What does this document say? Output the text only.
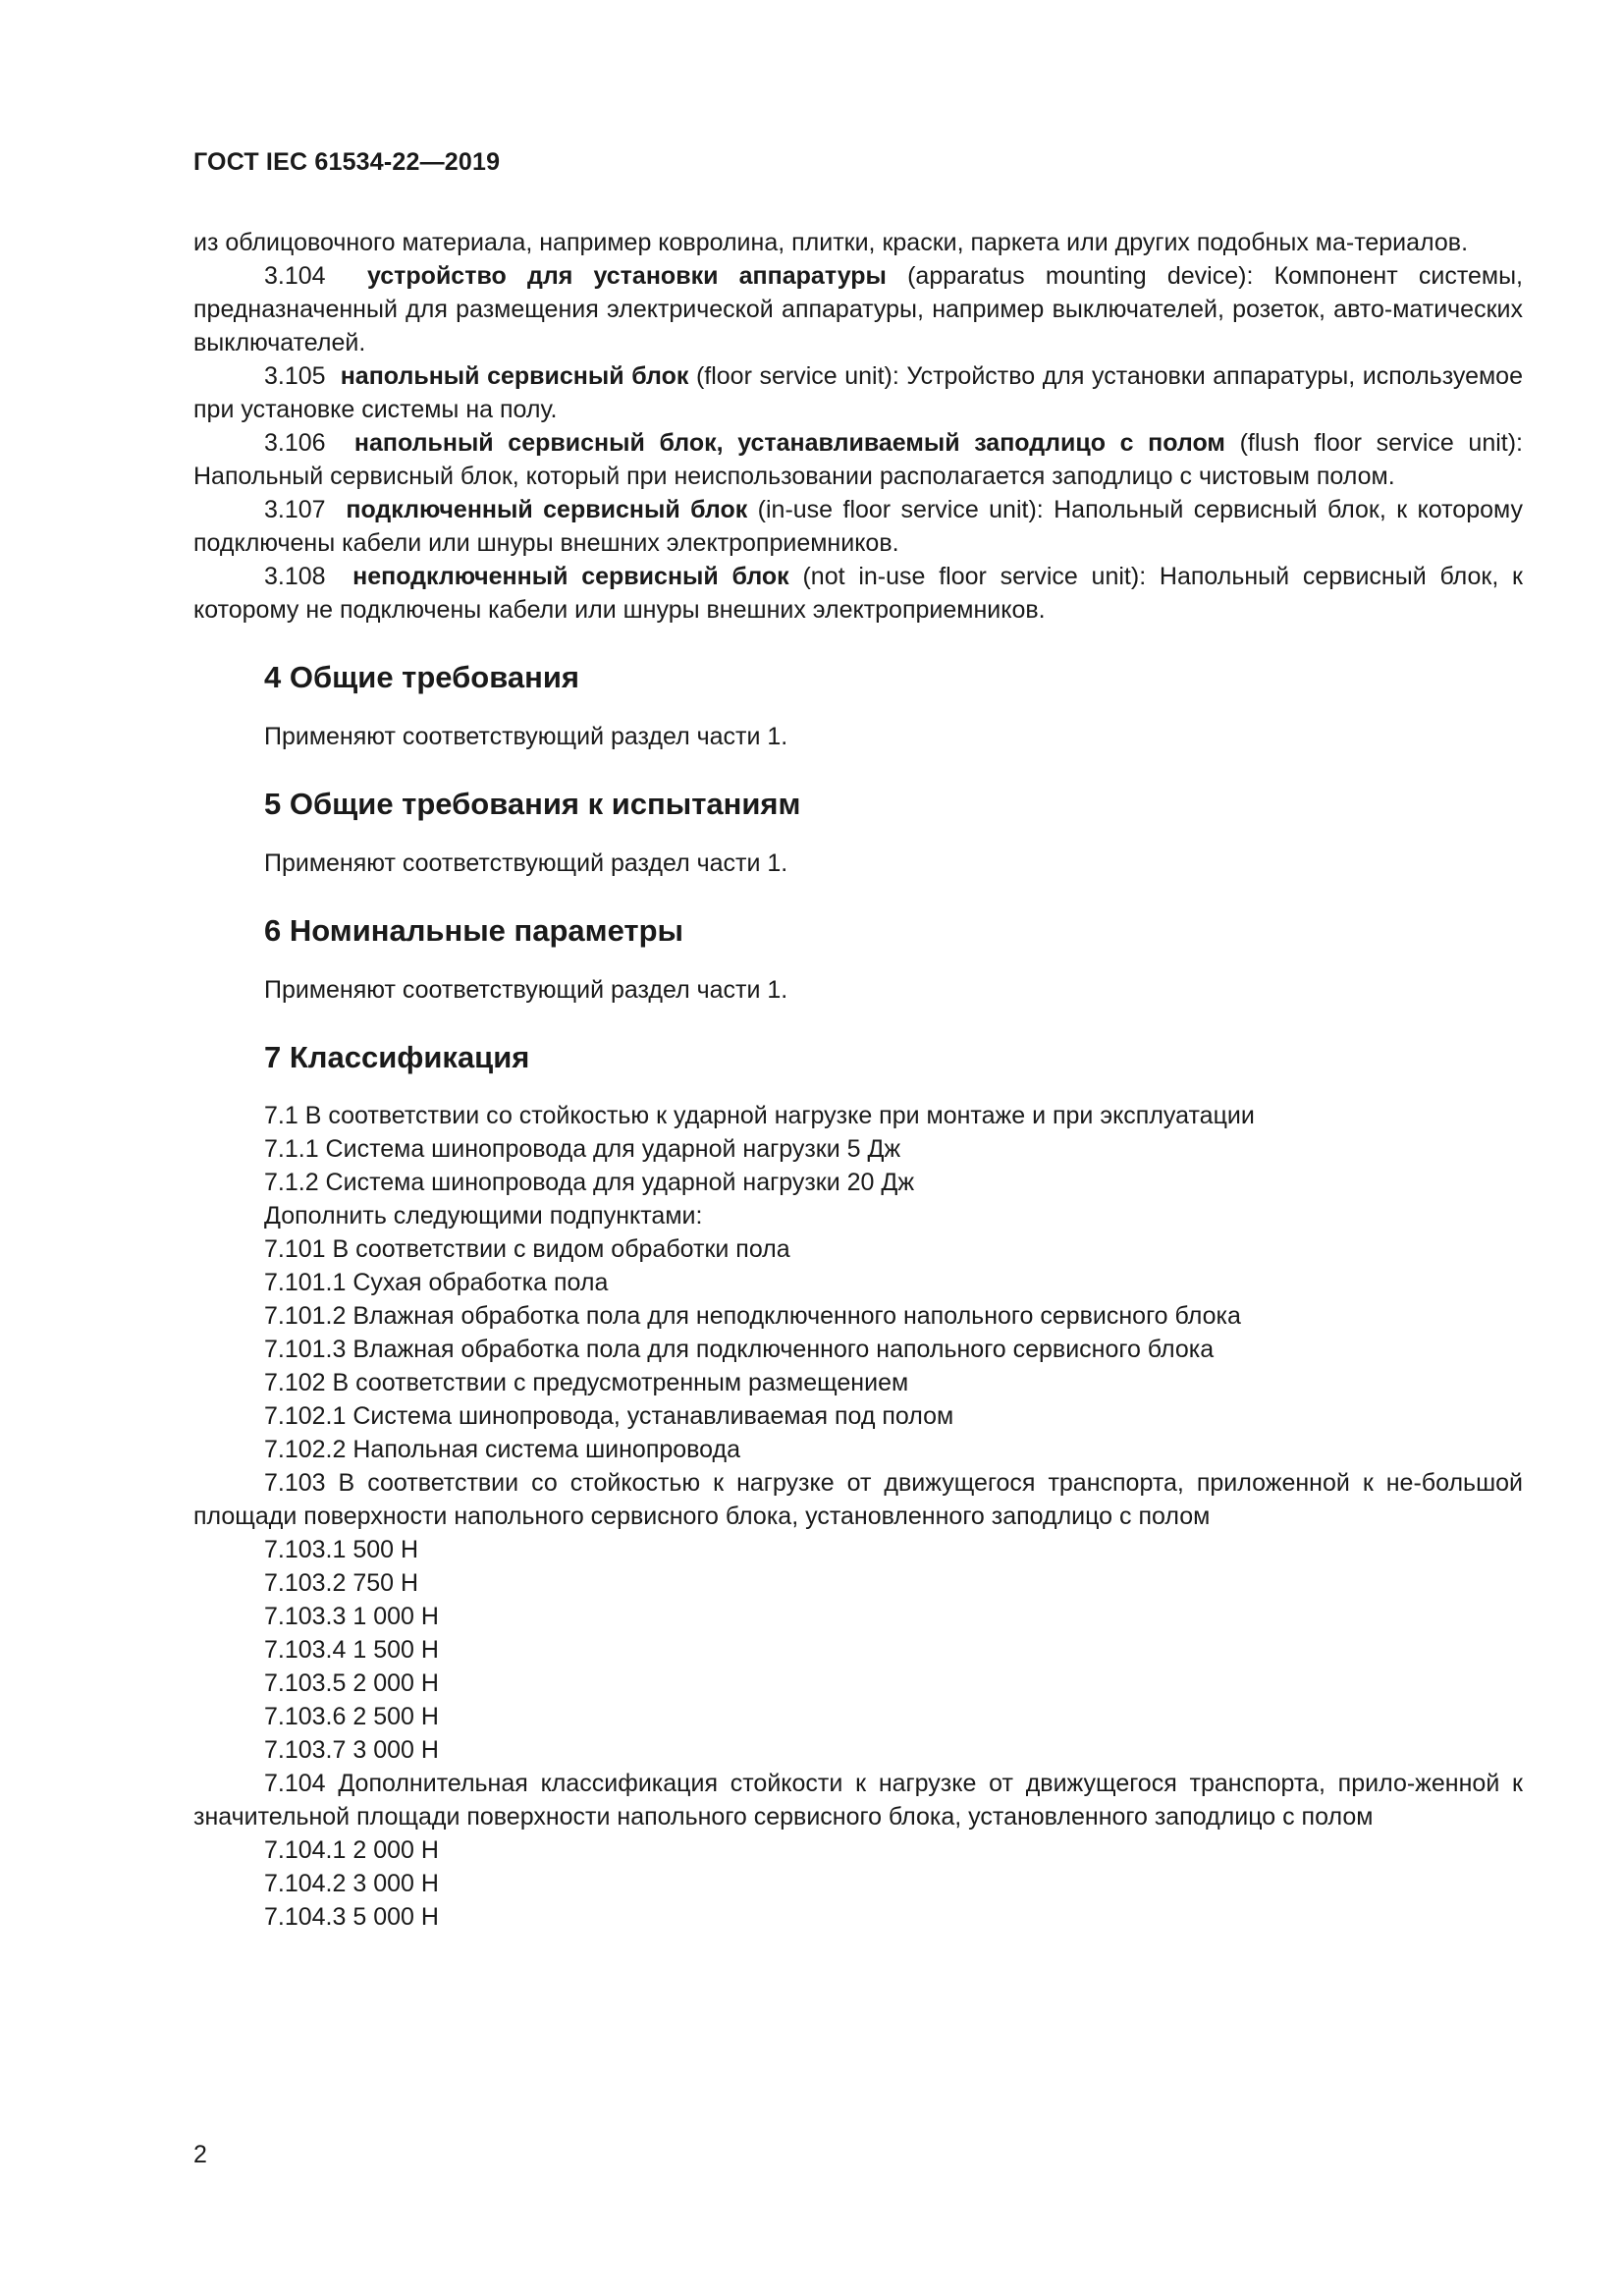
ГОСТ IEC 61534-22—2019

из облицовочного материала, например ковролина, плитки, краски, паркета или других подобных ма-териалов.

3.104 устройство для установки аппаратуры (apparatus mounting device): Компонент системы, предназначенный для размещения электрической аппаратуры, например выключателей, розеток, авто-матических выключателей.

3.105 напольный сервисный блок (floor service unit): Устройство для установки аппаратуры, используемое при установке системы на полу.

3.106 напольный сервисный блок, устанавливаемый заподлицо с полом (flush floor service unit): Напольный сервисный блок, который при неиспользовании располагается заподлицо с чистовым полом.

3.107 подключенный сервисный блок (in-use floor service unit): Напольный сервисный блок, к которому подключены кабели или шнуры внешних электроприемников.

3.108 неподключенный сервисный блок (not in-use floor service unit): Напольный сервисный блок, к которому не подключены кабели или шнуры внешних электроприемников.

4 Общие требования

Применяют соответствующий раздел части 1.

5 Общие требования к испытаниям

Применяют соответствующий раздел части 1.

6 Номинальные параметры

Применяют соответствующий раздел части 1.

7 Классификация

7.1 В соответствии со стойкостью к ударной нагрузке при монтаже и при эксплуатации

7.1.1 Система шинопровода для ударной нагрузки 5 Дж

7.1.2 Система шинопровода для ударной нагрузки 20 Дж

Дополнить следующими подпунктами:

7.101 В соответствии с видом обработки пола

7.101.1 Сухая обработка пола

7.101.2 Влажная обработка пола для неподключенного напольного сервисного блока

7.101.3 Влажная обработка пола для подключенного напольного сервисного блока

7.102 В соответствии с предусмотренным размещением

7.102.1 Система шинопровода, устанавливаемая под полом

7.102.2 Напольная система шинопровода

7.103 В соответствии со стойкостью к нагрузке от движущегося транспорта, приложенной к не-большой площади поверхности напольного сервисного блока, установленного заподлицо с полом

7.103.1 500 Н

7.103.2 750 Н

7.103.3 1 000 Н

7.103.4 1 500 Н

7.103.5 2 000 Н

7.103.6 2 500 Н

7.103.7 3 000 Н

7.104 Дополнительная классификация стойкости к нагрузке от движущегося транспорта, прило-женной к значительной площади поверхности напольного сервисного блока, установленного заподлицо с полом

7.104.1 2 000 Н

7.104.2 3 000 Н

7.104.3 5 000 Н

2
